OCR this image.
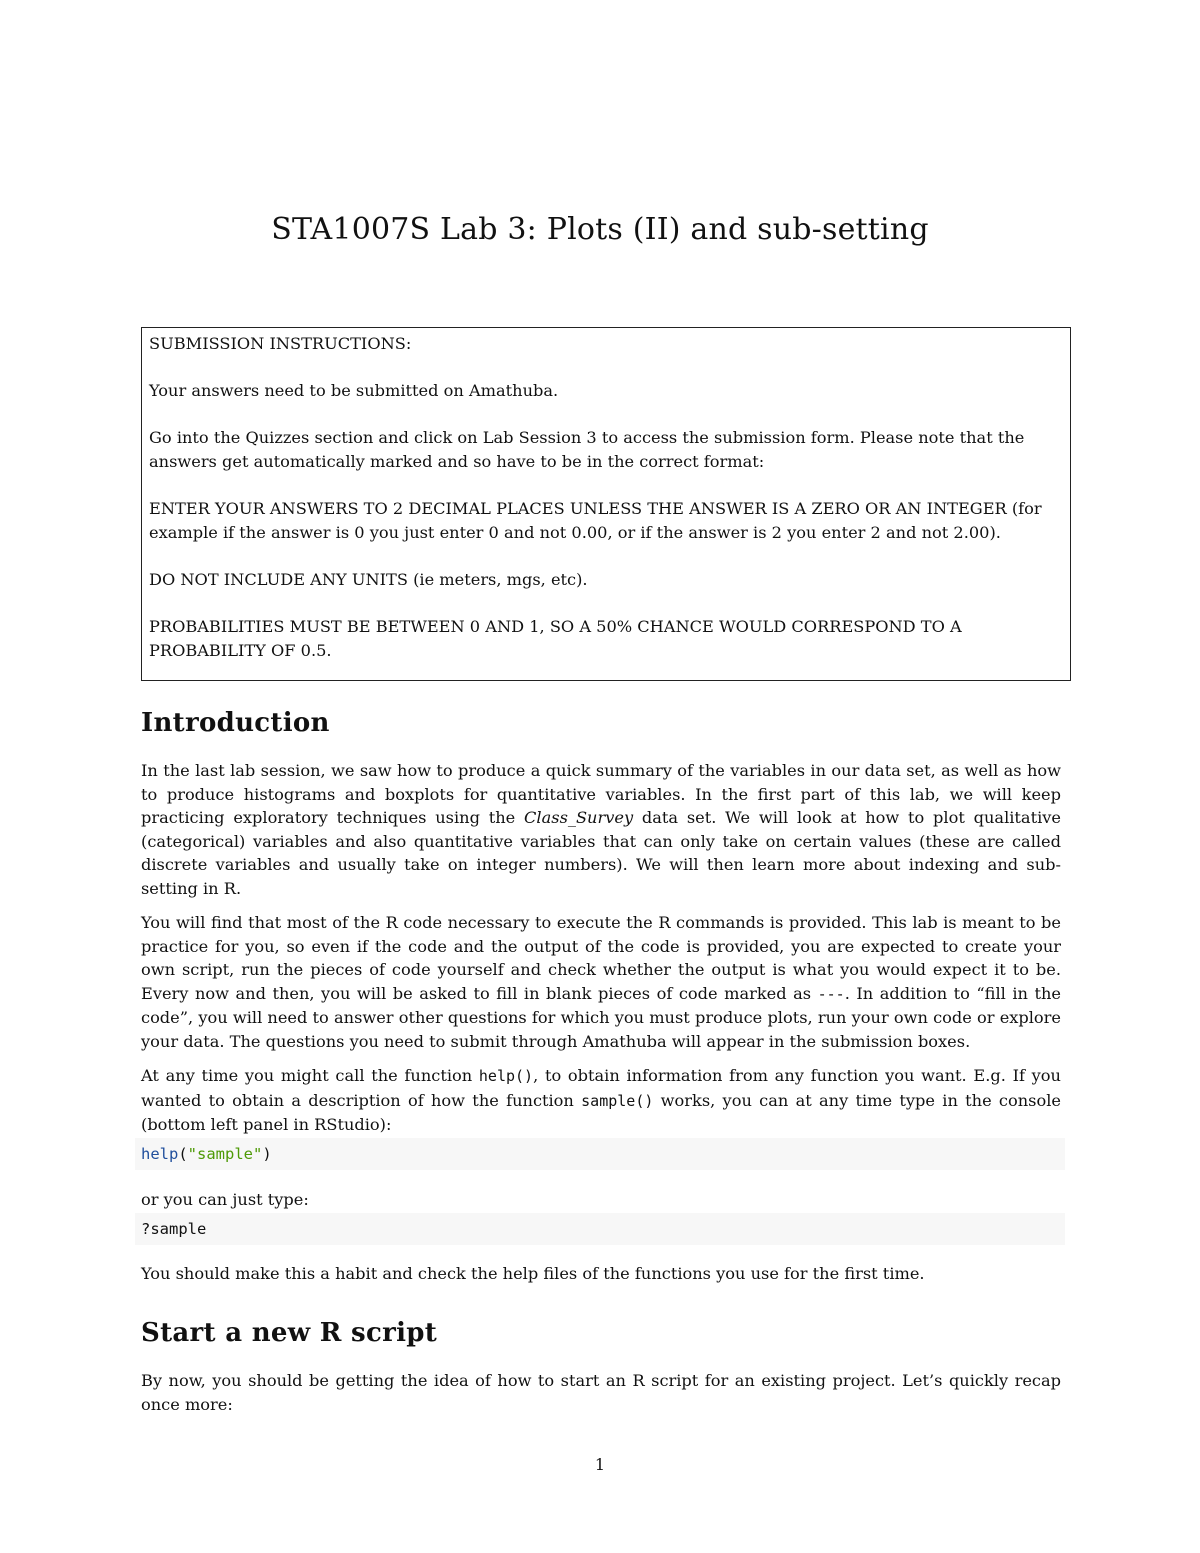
STA1007S Lab 3: Plots (II) and sub-setting

SUBMISSION INSTRUCTIONS:

Your answers need to be submitted on Amathuba.

Go into the Quizzes section and click on Lab Session 3 to access the submission form. Please note that the answers get automatically marked and so have to be in the correct format:

ENTER YOUR ANSWERS TO 2 DECIMAL PLACES UNLESS THE ANSWER IS A ZERO OR AN INTEGER (for example if the answer is 0 you just enter 0 and not 0.00, or if the answer is 2 you enter 2 and not 2.00).

DO NOT INCLUDE ANY UNITS (ie meters, mgs, etc).

PROBABILITIES MUST BE BETWEEN 0 AND 1, SO A 50% CHANCE WOULD CORRESPOND TO A PROBABILITY OF 0.5.

Introduction

In the last lab session, we saw how to produce a quick summary of the variables in our data set, as well as how to produce histograms and boxplots for quantitative variables. In the first part of this lab, we will keep practicing exploratory techniques using the Class_Survey data set. We will look at how to plot qualitative (categorical) variables and also quantitative variables that can only take on certain values (these are called discrete variables and usually take on integer numbers). We will then learn more about indexing and sub-setting in R.

You will find that most of the R code necessary to execute the R commands is provided. This lab is meant to be practice for you, so even if the code and the output of the code is provided, you are expected to create your own script, run the pieces of code yourself and check whether the output is what you would expect it to be. Every now and then, you will be asked to fill in blank pieces of code marked as ---. In addition to “fill in the code”, you will need to answer other questions for which you must produce plots, run your own code or explore your data. The questions you need to submit through Amathuba will appear in the submission boxes.

At any time you might call the function help(), to obtain information from any function you want. E.g. If you wanted to obtain a description of how the function sample() works, you can at any time type in the console (bottom left panel in RStudio):

help("sample")

or you can just type:

?sample

You should make this a habit and check the help files of the functions you use for the first time.

Start a new R script

By now, you should be getting the idea of how to start an R script for an existing project. Let’s quickly recap once more:

1
